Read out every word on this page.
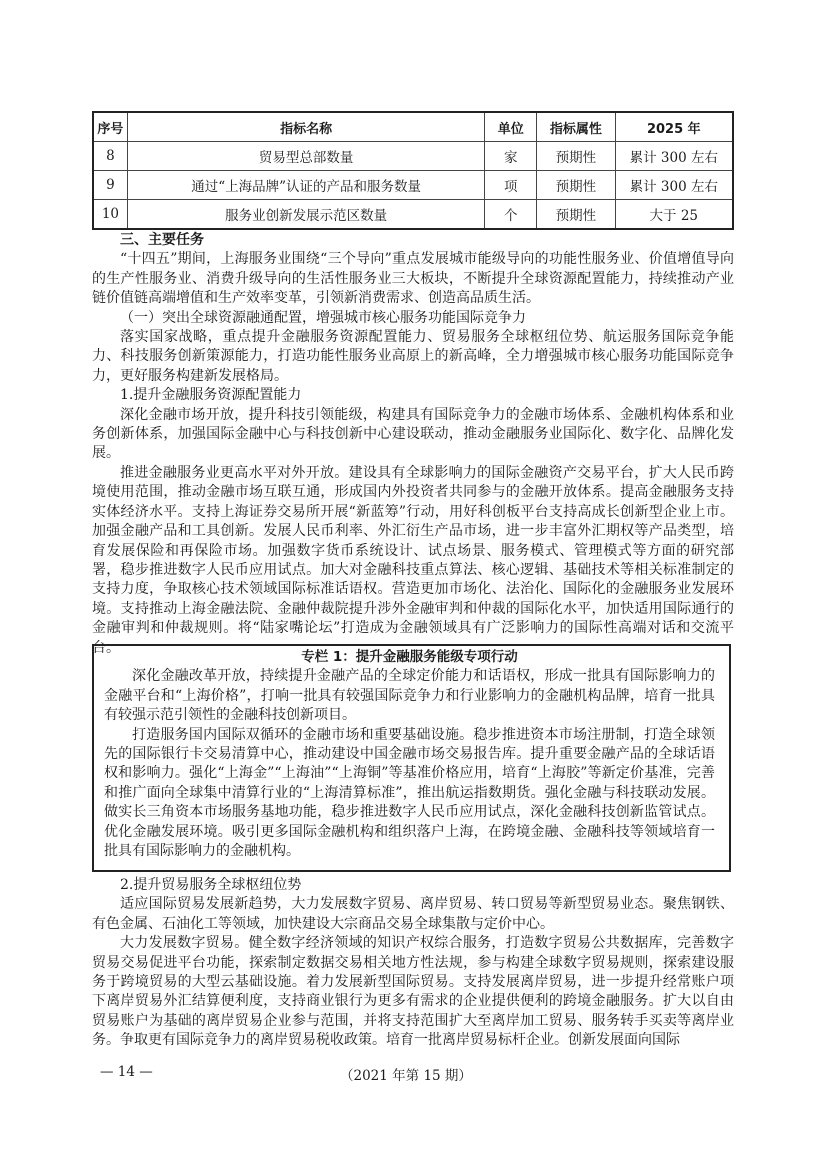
序号	指标名称	单位	指标属性	2025 年
8	贸易型总部数量	家	预期性	累计 300 左右
9	通过“上海品牌”认证的产品和服务数量	项	预期性	累计 300 左右
10	服务业创新发展示范区数量	个	预期性	大于 25

三、主要任务

“十四五”期间，上海服务业围绕“三个导向”重点发展城市能级导向的功能性服务业、价值增值导向的生产性服务业、消费升级导向的生活性服务业三大板块，不断提升全球资源配置能力，持续推动产业链价值链高端增值和生产效率变革，引领新消费需求、创造高品质生活。

（一）突出全球资源融通配置，增强城市核心服务功能国际竞争力

落实国家战略，重点提升金融服务资源配置能力、贸易服务全球枢纽位势、航运服务国际竞争能力、科技服务创新策源能力，打造功能性服务业高原上的新高峰，全力增强城市核心服务功能国际竞争力，更好服务构建新发展格局。

1.提升金融服务资源配置能力

深化金融市场开放，提升科技引领能级，构建具有国际竞争力的金融市场体系、金融机构体系和业务创新体系，加强国际金融中心与科技创新中心建设联动，推动金融服务业国际化、数字化、品牌化发展。

推进金融服务业更高水平对外开放。建设具有全球影响力的国际金融资产交易平台，扩大人民币跨境使用范围，推动金融市场互联互通，形成国内外投资者共同参与的金融开放体系。提高金融服务支持实体经济水平。支持上海证券交易所开展“新蓝筹”行动，用好科创板平台支持高成长创新型企业上市。加强金融产品和工具创新。发展人民币利率、外汇衍生产品市场，进一步丰富外汇期权等产品类型，培育发展保险和再保险市场。加强数字货币系统设计、试点场景、服务模式、管理模式等方面的研究部署，稳步推进数字人民币应用试点。加大对金融科技重点算法、核心逻辑、基础技术等相关标准制定的支持力度，争取核心技术领域国际标准话语权。营造更加市场化、法治化、国际化的金融服务业发展环境。支持推动上海金融法院、金融仲裁院提升涉外金融审判和仲裁的国际化水平，加快适用国际通行的金融审判和仲裁规则。将“陆家嘴论坛”打造成为金融领域具有广泛影响力的国际性高端对话和交流平台。

专栏 1：提升金融服务能级专项行动

深化金融改革开放，持续提升金融产品的全球定价能力和话语权，形成一批具有国际影响力的金融平台和“上海价格”，打响一批具有较强国际竞争力和行业影响力的金融机构品牌，培育一批具有较强示范引领性的金融科技创新项目。

打造服务国内国际双循环的金融市场和重要基础设施。稳步推进资本市场注册制，打造全球领先的国际银行卡交易清算中心，推动建设中国金融市场交易报告库。提升重要金融产品的全球话语权和影响力。强化“上海金”“上海油”“上海铜”等基准价格应用，培育“上海胶”等新定价基准，完善和推广面向全球集中清算行业的“上海清算标准”，推出航运指数期货。强化金融与科技联动发展。做实长三角资本市场服务基地功能，稳步推进数字人民币应用试点，深化金融科技创新监管试点。优化金融发展环境。吸引更多国际金融机构和组织落户上海，在跨境金融、金融科技等领域培育一批具有国际影响力的金融机构。

2.提升贸易服务全球枢纽位势

适应国际贸易发展新趋势，大力发展数字贸易、离岸贸易、转口贸易等新型贸易业态。聚焦钢铁、有色金属、石油化工等领域，加快建设大宗商品交易全球集散与定价中心。

大力发展数字贸易。健全数字经济领域的知识产权综合服务，打造数字贸易公共数据库，完善数字贸易交易促进平台功能，探索制定数据交易相关地方性法规，参与构建全球数字贸易规则，探索建设服务于跨境贸易的大型云基础设施。着力发展新型国际贸易。支持发展离岸贸易，进一步提升经常账户项下离岸贸易外汇结算便利度，支持商业银行为更多有需求的企业提供便利的跨境金融服务。扩大以自由贸易账户为基础的离岸贸易企业参与范围，并将支持范围扩大至离岸加工贸易、服务转手买卖等离岸业务。争取更有国际竞争力的离岸贸易税收政策。培育一批离岸贸易标杆企业。创新发展面向国际

— 14 —	（2021 年第 15 期）
